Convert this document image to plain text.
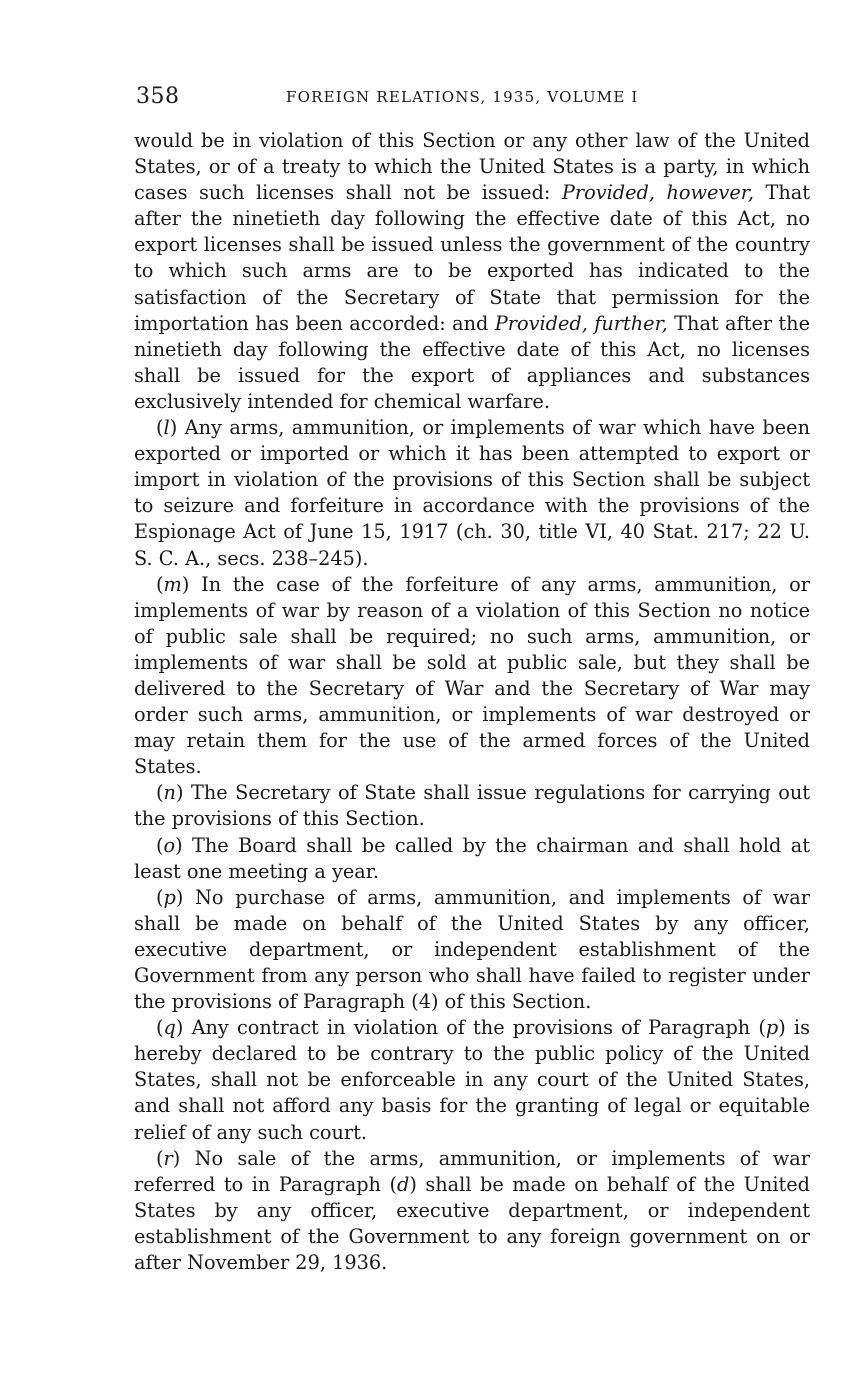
358	FOREIGN RELATIONS, 1935, VOLUME I

would be in violation of this Section or any other law of the United States, or of a treaty to which the United States is a party, in which cases such licenses shall not be issued: Provided, however, That after the ninetieth day following the effective date of this Act, no export licenses shall be issued unless the government of the country to which such arms are to be exported has indicated to the satisfaction of the Secretary of State that permission for the importation has been accorded: and Provided, further, That after the ninetieth day following the effective date of this Act, no licenses shall be issued for the export of appliances and substances exclusively intended for chemical warfare.

(l) Any arms, ammunition, or implements of war which have been exported or imported or which it has been attempted to export or import in violation of the provisions of this Section shall be subject to seizure and forfeiture in accordance with the provisions of the Espionage Act of June 15, 1917 (ch. 30, title VI, 40 Stat. 217; 22 U. S. C. A., secs. 238–245).

(m) In the case of the forfeiture of any arms, ammunition, or implements of war by reason of a violation of this Section no notice of public sale shall be required; no such arms, ammunition, or implements of war shall be sold at public sale, but they shall be delivered to the Secretary of War and the Secretary of War may order such arms, ammunition, or implements of war destroyed or may retain them for the use of the armed forces of the United States.

(n) The Secretary of State shall issue regulations for carrying out the provisions of this Section.

(o) The Board shall be called by the chairman and shall hold at least one meeting a year.

(p) No purchase of arms, ammunition, and implements of war shall be made on behalf of the United States by any officer, executive department, or independent establishment of the Government from any person who shall have failed to register under the provisions of Paragraph (4) of this Section.

(q) Any contract in violation of the provisions of Paragraph (p) is hereby declared to be contrary to the public policy of the United States, shall not be enforceable in any court of the United States, and shall not afford any basis for the granting of legal or equitable relief of any such court.

(r) No sale of the arms, ammunition, or implements of war referred to in Paragraph (d) shall be made on behalf of the United States by any officer, executive department, or independent establishment of the Government to any foreign government on or after November 29, 1936.
